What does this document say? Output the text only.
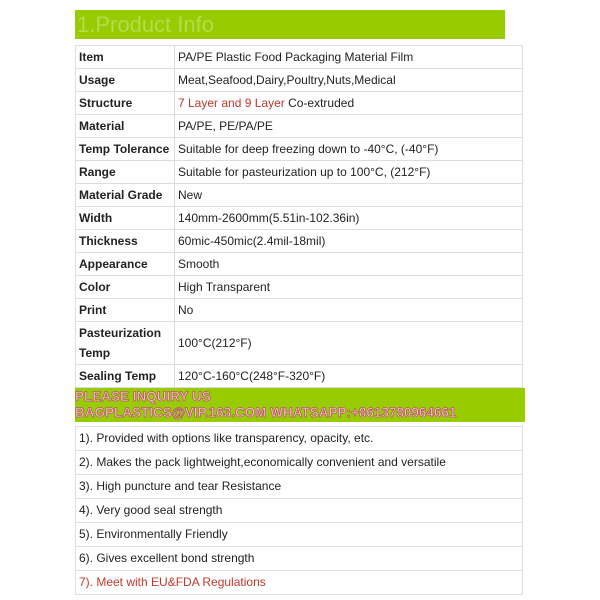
1.Product Info
Item	PA/PE Plastic Food Packaging Material Film
Usage	Meat,Seafood,Dairy,Poultry,Nuts,Medical
Structure	7 Layer and 9 Layer Co-extruded
Material	PA/PE, PE/PA/PE
Temp Tolerance	Suitable for deep freezing down to -40°C, (-40°F)
Range	Suitable for pasteurization up to 100°C, (212°F)
Material Grade	New
Width	140mm-2600mm(5.51in-102.36in)
Thickness	60mic-450mic(2.4mil-18mil)
Appearance	Smooth
Color	High Transparent
Print	No
Pasteurization Temp	100°C(212°F)
Sealing Temp	120°C-160°C(248°F-320°F)
PLEASE INQUIRY US
BAGPLASTICS@VIP.163.COM WHATSAPP:+8613780964661
1). Provided with options like transparency, opacity, etc.
2). Makes the pack lightweight,economically convenient and versatile
3). High puncture and tear Resistance
4). Very good seal strength
5). Environmentally Friendly
6). Gives excellent bond strength
7). Meet with EU&FDA Regulations
